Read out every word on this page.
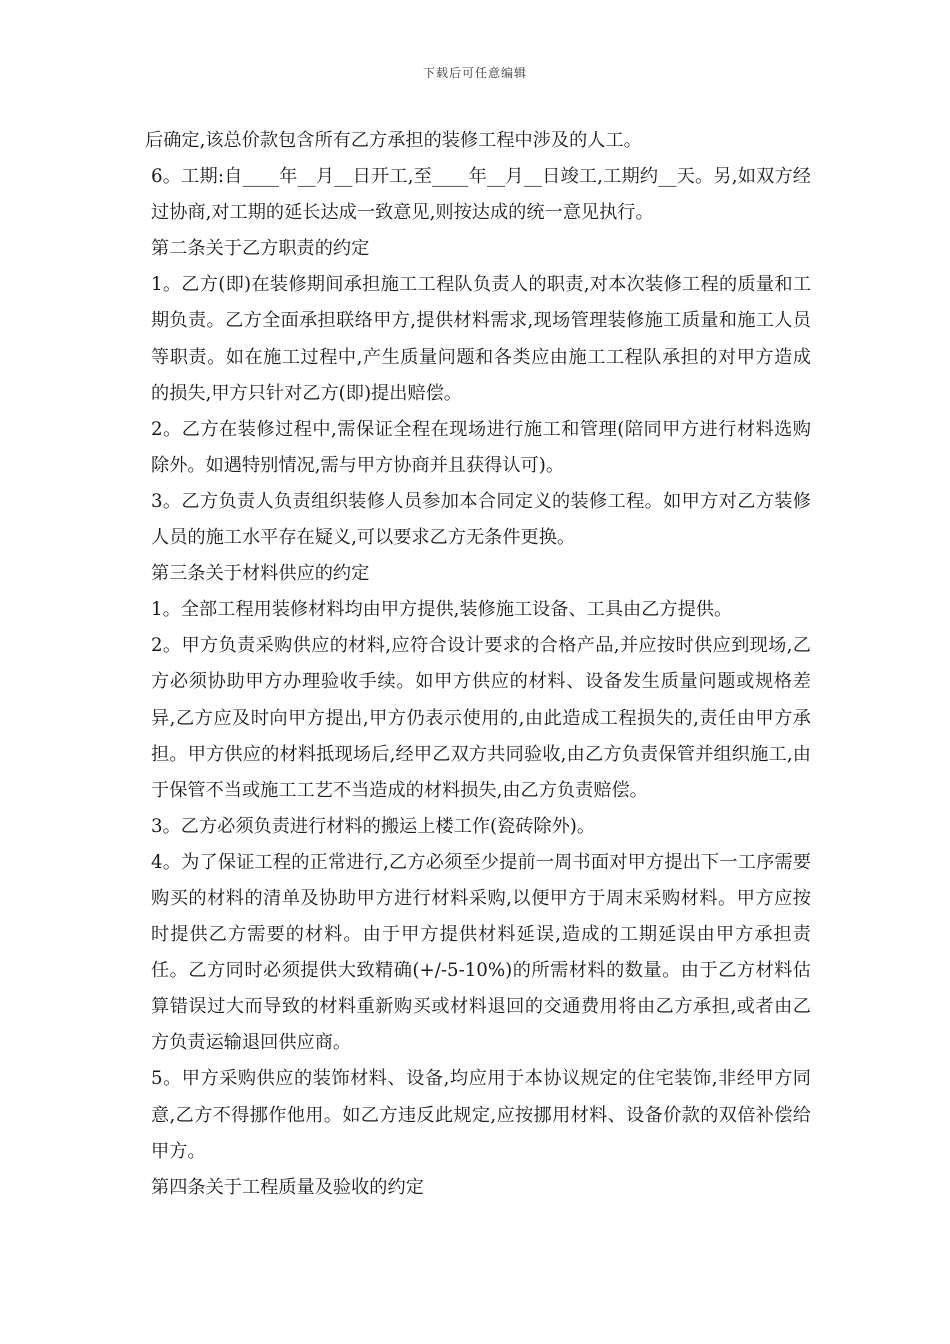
下载后可任意编辑

后确定,该总价款包含所有乙方承担的装修工程中涉及的人工。

6。工期:自____年__月__日开工,至____年__月__日竣工,工期约__天。另,如双方经过协商,对工期的延长达成一致意见,则按达成的统一意见执行。

第二条关于乙方职责的约定

1。乙方(即)在装修期间承担施工工程队负责人的职责,对本次装修工程的质量和工期负责。乙方全面承担联络甲方,提供材料需求,现场管理装修施工质量和施工人员等职责。如在施工过程中,产生质量问题和各类应由施工工程队承担的对甲方造成的损失,甲方只针对乙方(即)提出赔偿。

2。乙方在装修过程中,需保证全程在现场进行施工和管理(陪同甲方进行材料选购除外。如遇特别情况,需与甲方协商并且获得认可)。

3。乙方负责人负责组织装修人员参加本合同定义的装修工程。如甲方对乙方装修人员的施工水平存在疑义,可以要求乙方无条件更换。

第三条关于材料供应的约定

1。全部工程用装修材料均由甲方提供,装修施工设备、工具由乙方提供。

2。甲方负责采购供应的材料,应符合设计要求的合格产品,并应按时供应到现场,乙方必须协助甲方办理验收手续。如甲方供应的材料、设备发生质量问题或规格差异,乙方应及时向甲方提出,甲方仍表示使用的,由此造成工程损失的,责任由甲方承担。甲方供应的材料抵现场后,经甲乙双方共同验收,由乙方负责保管并组织施工,由于保管不当或施工工艺不当造成的材料损失,由乙方负责赔偿。

3。乙方必须负责进行材料的搬运上楼工作(瓷砖除外)。

4。为了保证工程的正常进行,乙方必须至少提前一周书面对甲方提出下一工序需要购买的材料的清单及协助甲方进行材料采购,以便甲方于周末采购材料。甲方应按时提供乙方需要的材料。由于甲方提供材料延误,造成的工期延误由甲方承担责任。乙方同时必须提供大致精确(+/-5-10%)的所需材料的数量。由于乙方材料估算错误过大而导致的材料重新购买或材料退回的交通费用将由乙方承担,或者由乙方负责运输退回供应商。

5。甲方采购供应的装饰材料、设备,均应用于本协议规定的住宅装饰,非经甲方同意,乙方不得挪作他用。如乙方违反此规定,应按挪用材料、设备价款的双倍补偿给甲方。

第四条关于工程质量及验收的约定
